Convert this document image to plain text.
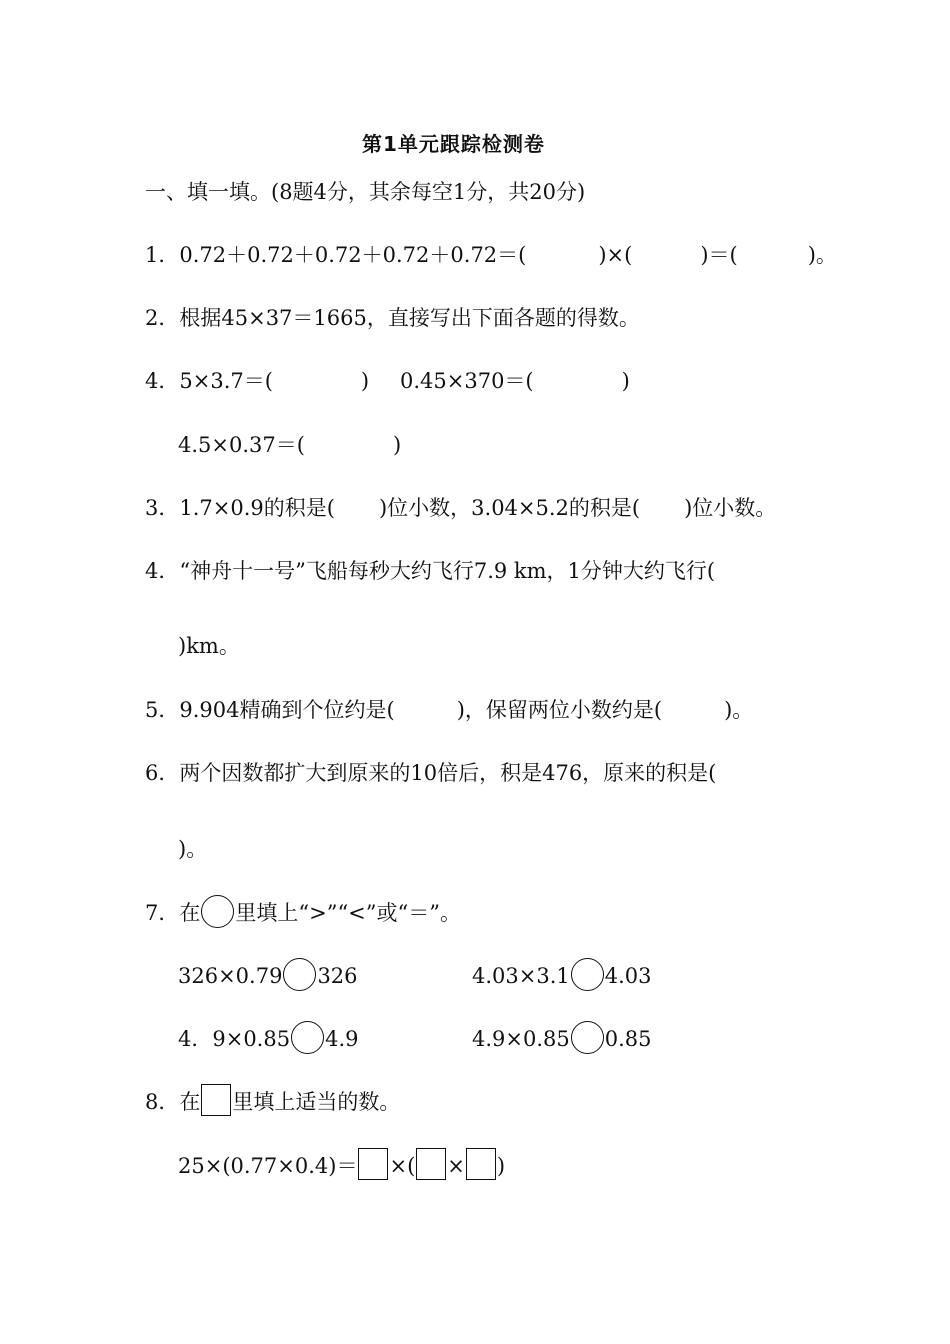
第1单元跟踪检测卷
一、填一填。(8题4分，其余每空1分，共20分)
1．0.72＋0.72＋0.72＋0.72＋0.72＝(	)×(	)＝(	)。
2．根据45×37＝1665，直接写出下面各题的得数。
4．5×3.7＝(	) 0.45×370＝(	)
4.5×0.37＝(	)
3．1.7×0.9的积是( )位小数，3.04×5.2的积是( )位小数。
4．“神舟十一号”飞船每秒大约飞行7.9 km，1分钟大约飞行(
)km。
5．9.904精确到个位约是(	)，保留两位小数约是(	)。
6．两个因数都扩大到原来的10倍后，积是476，原来的积是(
)。
7．在 里填上“>”“<”或“＝”。
326×0.79 326	4.03×3.1 4.03
4．9×0.85 4.9	4.9×0.85 0.85
8．在 里填上适当的数。
25×(0.77×0.4)＝ ×( × )
